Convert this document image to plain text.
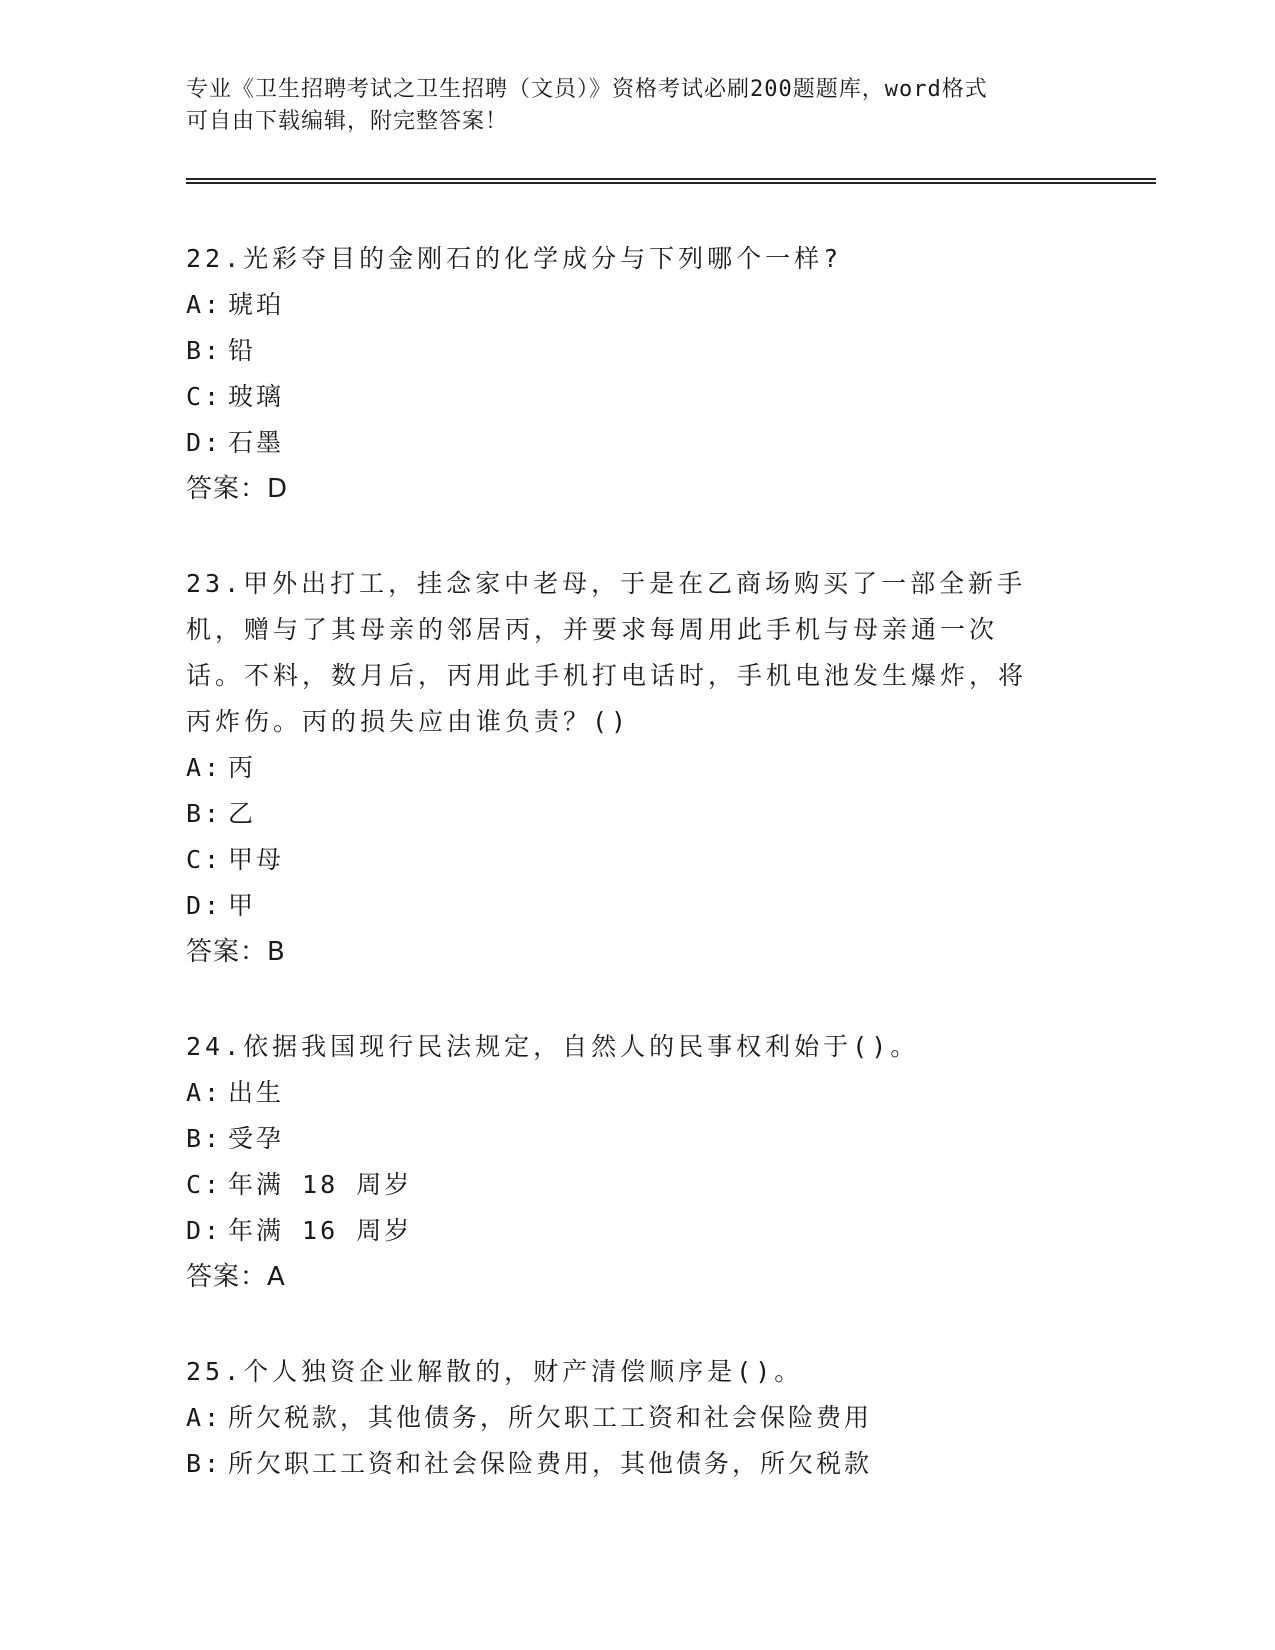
专业《卫生招聘考试之卫生招聘（文员）》资格考试必刷200题题库，word格式
可自由下载编辑，附完整答案！
22.光彩夺目的金刚石的化学成分与下列哪个一样?
A: 琥珀
B: 铅
C: 玻璃
D: 石墨
答案：D
23.甲外出打工，挂念家中老母，于是在乙商场购买了一部全新手机，赠与了其母亲的邻居丙，并要求每周用此手机与母亲通一次话。不料，数月后，丙用此手机打电话时，手机电池发生爆炸，将丙炸伤。丙的损失应由谁负责？()
A: 丙
B: 乙
C: 甲母
D: 甲
答案：B
24.依据我国现行民法规定，自然人的民事权利始于()。
A: 出生
B: 受孕
C: 年满 18 周岁
D: 年满 16 周岁
答案：A
25.个人独资企业解散的，财产清偿顺序是()。
A: 所欠税款，其他债务，所欠职工工资和社会保险费用
B: 所欠职工工资和社会保险费用，其他债务，所欠税款
